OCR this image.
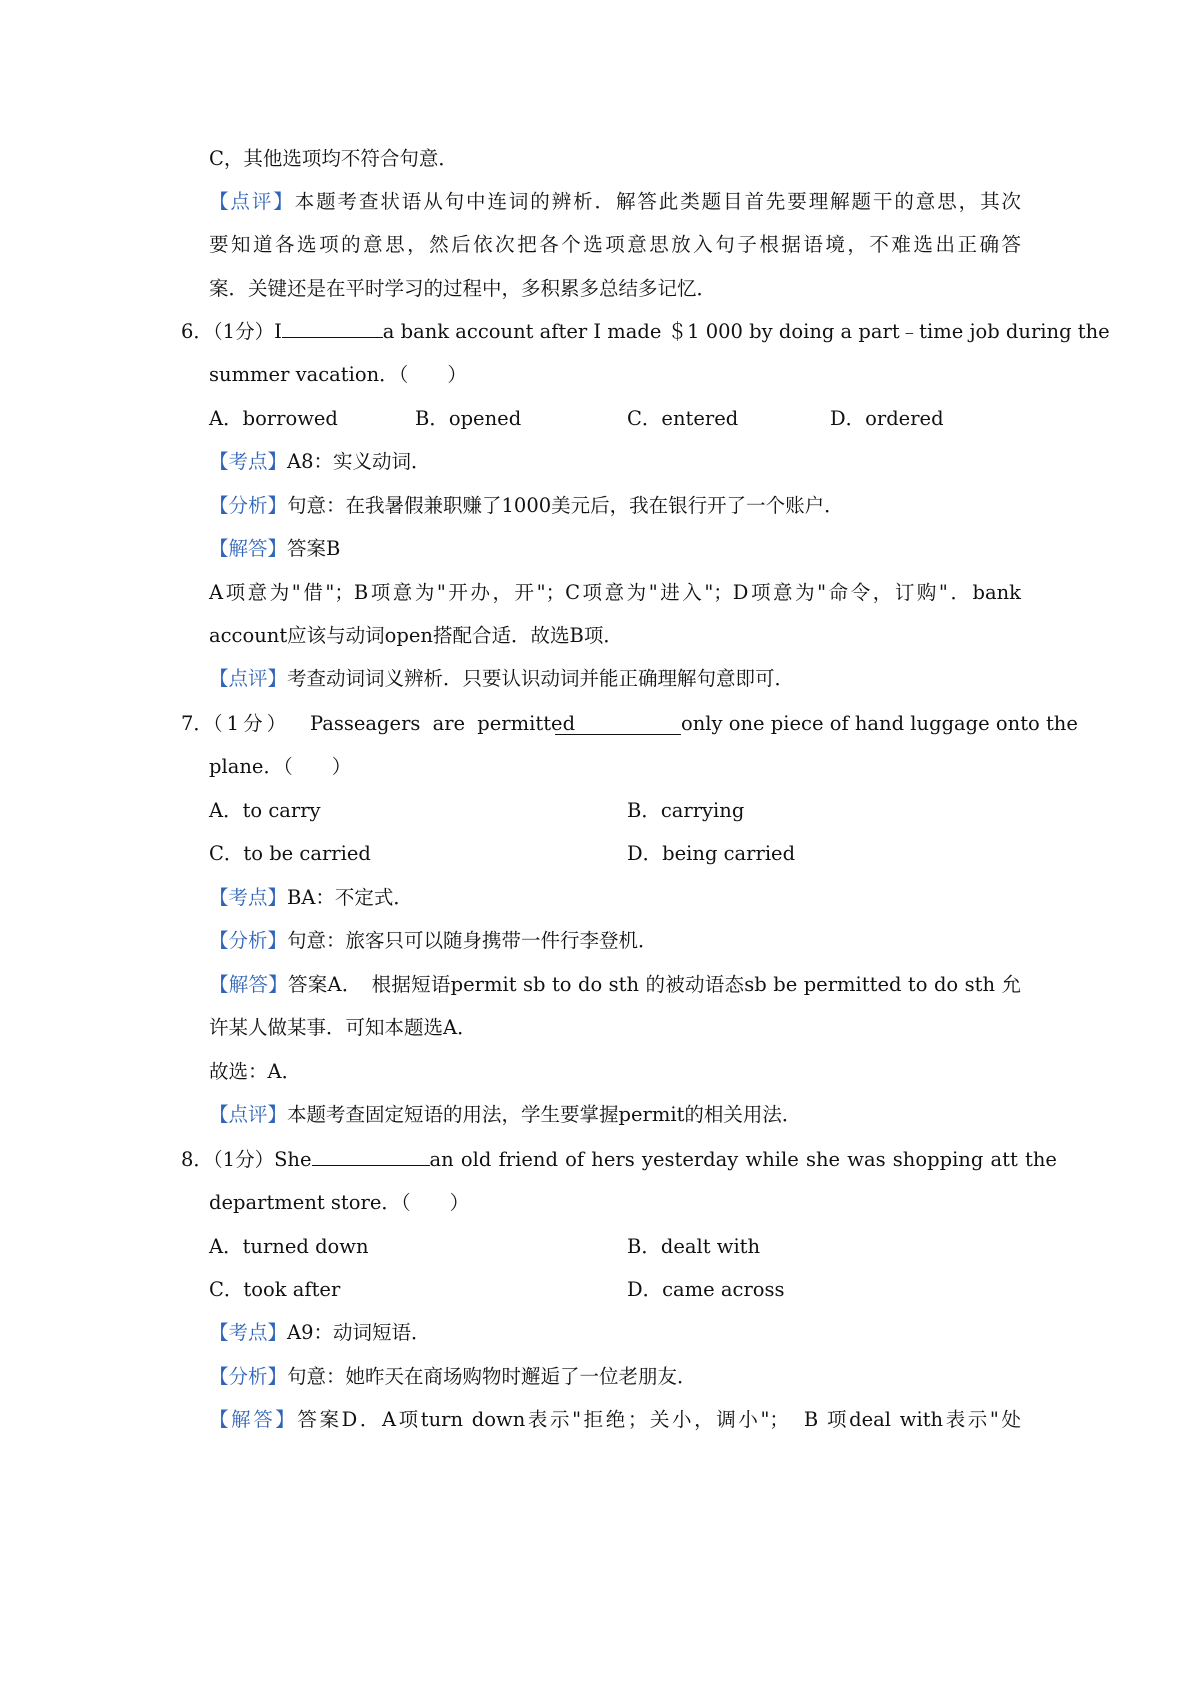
C，其他选项均不符合句意．
【点评】本题考查状语从句中连词的辨析．解答此类题目首先要理解题干的意思，其次
要知道各选项的意思，然后依次把各个选项意思放入句子根据语境，不难选出正确答
案．关键还是在平时学习的过程中，多积累多总结多记忆．
6．（1分）I	a bank account after I made ＄1 000 by doing a part﹣time job during the
summer vacation．（　　）
A．borrowed	B．opened	C．entered	D．ordered
【考点】A8：实义动词．
【分析】句意：在我暑假兼职赚了1000美元后，我在银行开了一个账户．
【解答】答案B
A项意为"借"；B项意为"开办，开"；C项意为"进入"；D项意为"命令，订购"．bank
account应该与动词open搭配合适．故选B项．
【点评】考查动词词义辨析．只要认识动词并能正确理解句意即可．
7．（1分） Passeagers are permitted	only one piece of hand luggage onto the
plane．（　　）
A．to carry	B．carrying
C．to be carried	D．being carried
【考点】BA：不定式．
【分析】句意：旅客只可以随身携带一件行李登机．
【解答】答案A．　根据短语permit sb to do sth 的被动语态sb be permitted to do sth 允
许某人做某事．可知本题选A．
故选：A．
【点评】本题考查固定短语的用法，学生要掌握permit的相关用法．
8．（1分）She	an old friend of hers yesterday while she was shopping att the
department store．（　　）
A．turned down	B．dealt with
C．took after	D．came across
【考点】A9：动词短语．
【分析】句意：她昨天在商场购物时邂逅了一位老朋友．
【解答】答案D．A项turn down表示"拒绝；关小，调小"；　B 项deal with表示"处
